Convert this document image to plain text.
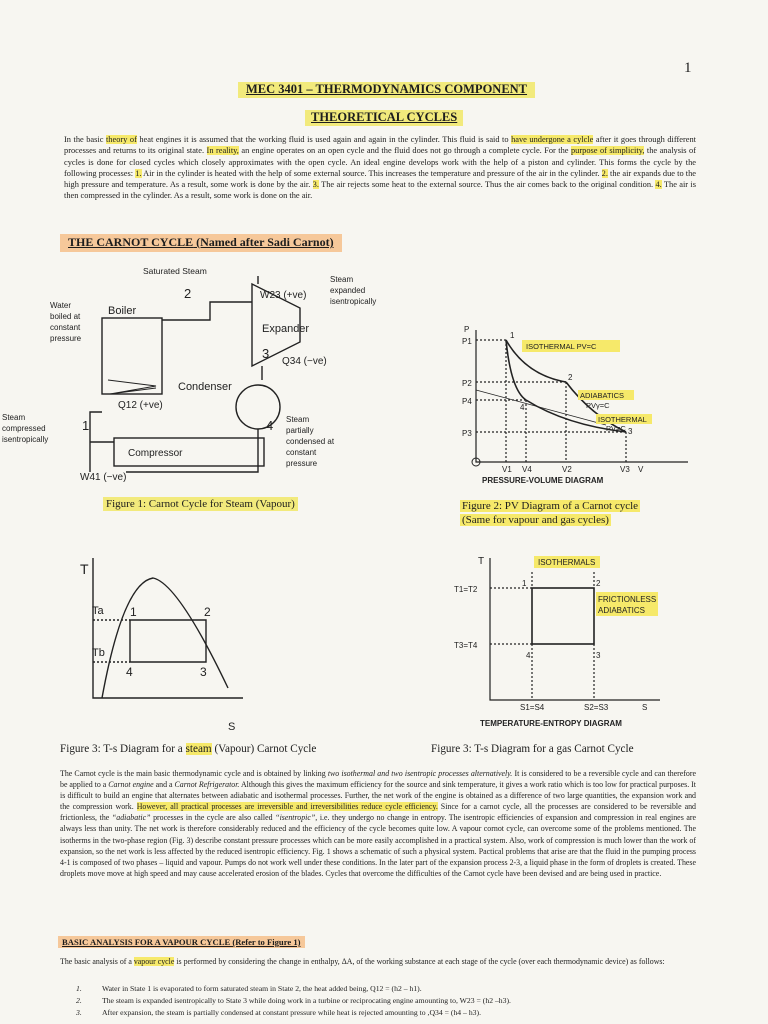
1
MEC 3401 – THERMODYNAMICS COMPONENT
THEORETICAL CYCLES
In the basic theory of heat engines it is assumed that the working fluid is used again and again in the cylinder. This fluid is said to have undergone a cylcle after it goes through different processes and returns to its original state. In reality, an engine operates on an open cycle and the fluid does not go through a complete cycle. For the purpose of simplicity, the analysis of cycles is done for closed cycles which closely approximates with the open cycle. An ideal engine develops work with the help of a piston and cylinder. This forms the cycle by the following processes: 1. Air in the cylinder is heated with the help of some external source. This increases the temperature and pressure of the air in the cylinder. 2. the air expands due to the high pressure and temperature. As a result, some work is done by the air. 3. The air rejects some heat to the external source. Thus the air comes back to the original condition. 4. The air is then compressed in the cylinder. As a result, some work is done on the air.
THE CARNOT CYCLE (Named after Sadi Carnot)
Saturated Steam
2
3
4
1
Boiler
Expander
Condenser
Compressor
W23 (+ve)
Q34 (−ve)
Q12 (+ve)
W41 (−ve)
Steam
expanded
isentropically
Water
boiled at
constant
pressure
Steam
compressed
isentropically
Steam
partially
condensed at
constant
pressure
Figure 1: Carnot Cycle for Steam (Vapour)
P
P1
P2
P4
P3
1
2
3
4
ISOTHERMAL PV=C
ADIABATICS
PVγ=C
ISOTHERMAL
PV=C
V1 V4	V2	V3 V
PRESSURE-VOLUME DIAGRAM
Figure 2: PV Diagram of a Carnot cycle
(Same for vapour and gas cycles)
T
Ta
Tb
1	2
3
4
S
Figure 3: T-s Diagram for a steam (Vapour) Carnot Cycle
T	ISOTHERMALS
T1=T2
T3=T4
2
1
4	3
FRICTIONLESS
ADIABATICS
S1=S4	S2=S3	S
TEMPERATURE-ENTROPY DIAGRAM
Figure 3: T-s Diagram for a gas Carnot Cycle
The Carnot cycle is the main basic thermodynamic cycle and is obtained by linking two isothermal and two isentropic processes alternatively. It is considered to be a reversible cycle and can therefore be applied to a Carnot engine and a Carnot Refrigerator. Although this gives the maximum efficiency for the source and sink temperature, it gives a work ratio which is too low for practical purposes. It is difficult to build an engine that alternates between adiabatic and isothermal processes. Further, the net work of the engine is obtained as a difference of two large quantities, the expansion work and the compression work. However, all practical processes are irreversible and irreversibilities reduce cycle efficiency. Since for a carnot cycle, all the processes are considered to be reversible and frictionless, the “adiabatic” processes in the cycle are also called “isentropic”, i.e. they undergo no change in entropy. The isentropic efficiencies of expansion and compression in real engines are always less than unity. The net work is therefore considerably reduced and the efficiency of the cycle becomes quite low. A vapour cornot cycle, can overcome some of the problems mentioned. The isotherms in the two-phase region (Fig. 3) describe constant pressure processes which can be more easily accomplished in a practical system. Also, work of compression is much lower than the work of expansion, so the net work is less affected by the reduced isentropic efficiency. Fig. 1 shows a schematic of such a physical system. Pactical problems that arise are that the fluid in the pumping process 4-1 is composed of two phases – liquid and vapour. Pumps do not work well under these conditions. In the later part of the expansion process 2-3, a liquid phase in the form of droplets is created. These droplets move move at high speed and may cause accelerated erosion of the blades. Cycles that overcome the difficulties of the Carnot cycle have been devised and are being used in practice.
BASIC ANALYSIS FOR A VAPOUR CYCLE (Refer to Figure 1)
The basic analysis of a vapour cycle is performed by considering the change in enthalpy, ΔA, of the working substance at each stage of the cycle (over each thermodynamic device) as follows:
1.	Water in State 1 is evaporated to form saturated steam in State 2, the heat added being, Q12 = (h2 – h1).
2.	The steam is expanded isentropically to State 3 while doing work in a turbine or reciprocating engine amounting to, W23 = (h2 –h3).
3.	After expansion, the steam is partially condensed at constant pressure while heat is rejected amounting to ,Q34 = (h4 – h3).
